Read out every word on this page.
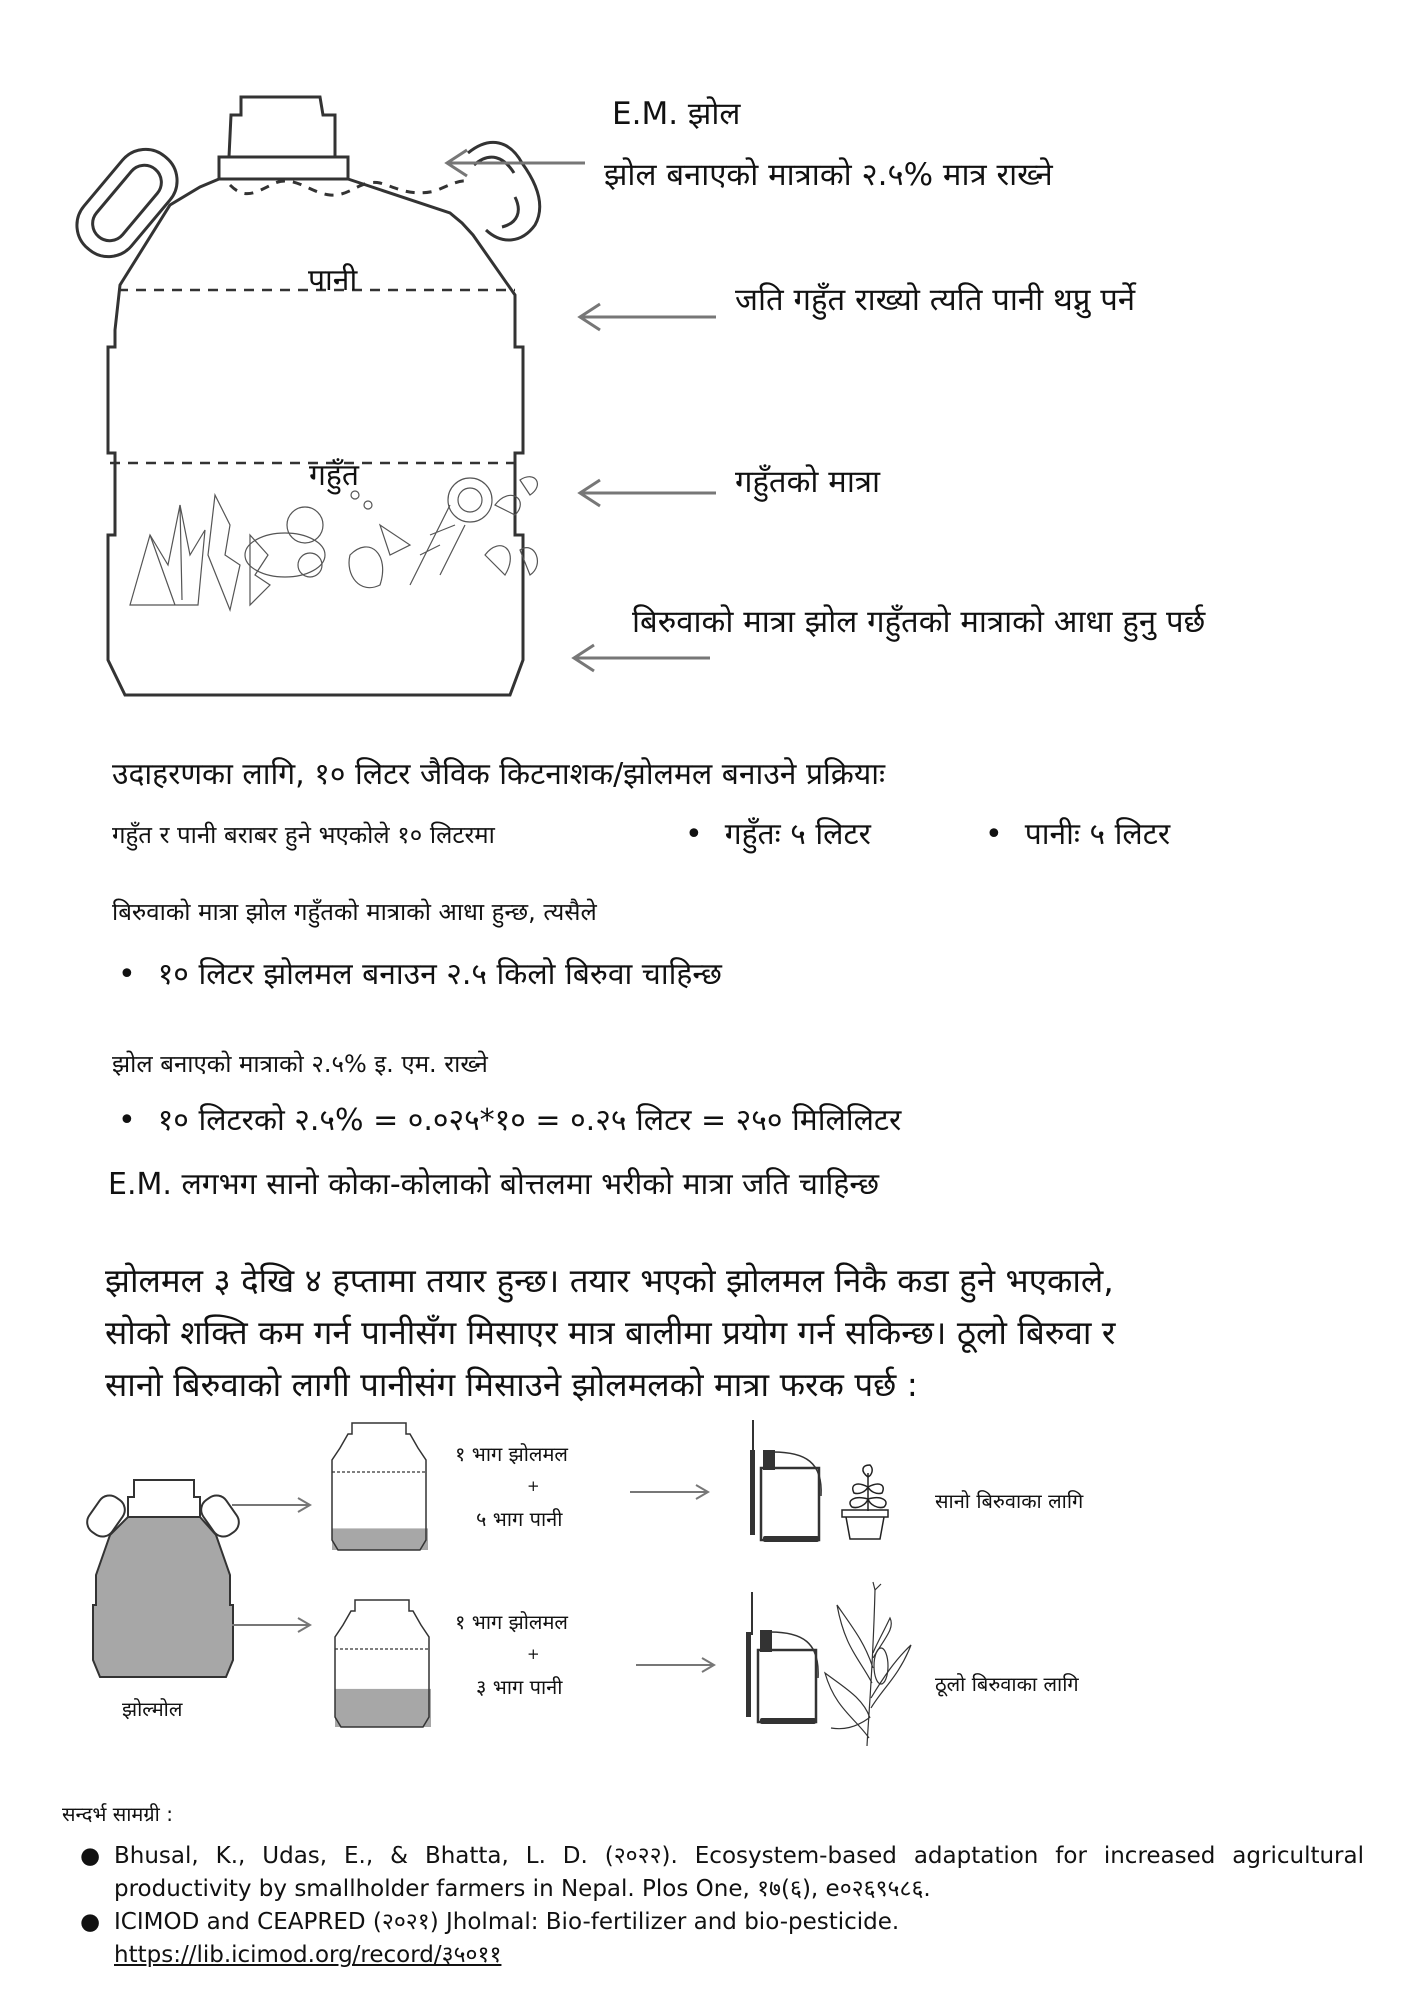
पानी
गहुँत
E.M. झोल
झोल बनाएको मात्राको २.५% मात्र राख्ने
जति गहुँत राख्यो त्यति पानी थप्नु पर्ने
गहुँतको मात्रा
बिरुवाको मात्रा झोल गहुँतको मात्राको आधा हुनु पर्छ
उदाहरणका लागि, १० लिटर जैविक किटनाशक/झोलमल बनाउने प्रक्रियाः
गहुँत र पानी बराबर हुने भएकोले १० लिटरमा	• गहुँतः ५ लिटर	• पानीः ५ लिटर
बिरुवाको मात्रा झोल गहुँतको मात्राको आधा हुन्छ, त्यसैले
• १० लिटर झोलमल बनाउन २.५ किलो बिरुवा चाहिन्छ
झोल बनाएको मात्राको २.५% इ. एम. राख्ने
• १० लिटरको २.५% = ०.०२५*१० = ०.२५ लिटर = २५० मिलिलिटर
E.M. लगभग सानो कोका-कोलाको बोत्तलमा भरीको मात्रा जति चाहिन्छ
झोलमल ३ देखि ४ हप्तामा तयार हुन्छ। तयार भएको झोलमल निकै कडा हुने भएकाले, सोको शक्ति कम गर्न पानीसँग मिसाएर मात्र बालीमा प्रयोग गर्न सकिन्छ। ठूलो बिरुवा र सानो बिरुवाको लागी पानीसंग मिसाउने झोलमलको मात्रा फरक पर्छ :
झोल्मोल
१ भाग झोलमल
+
५ भाग पानी
१ भाग झोलमल
+
३ भाग पानी
सानो बिरुवाका लागि
ठूलो बिरुवाका लागि
सन्दर्भ सामग्री :
● Bhusal, K., Udas, E., & Bhatta, L. D. (२०२२). Ecosystem-based adaptation for increased agricultural productivity by smallholder farmers in Nepal. Plos One, १७(६), e०२६९५८६.
● ICIMOD and CEAPRED (२०२१) Jholmal: Bio-fertilizer and bio-pesticide.
https://lib.icimod.org/record/३५०११
